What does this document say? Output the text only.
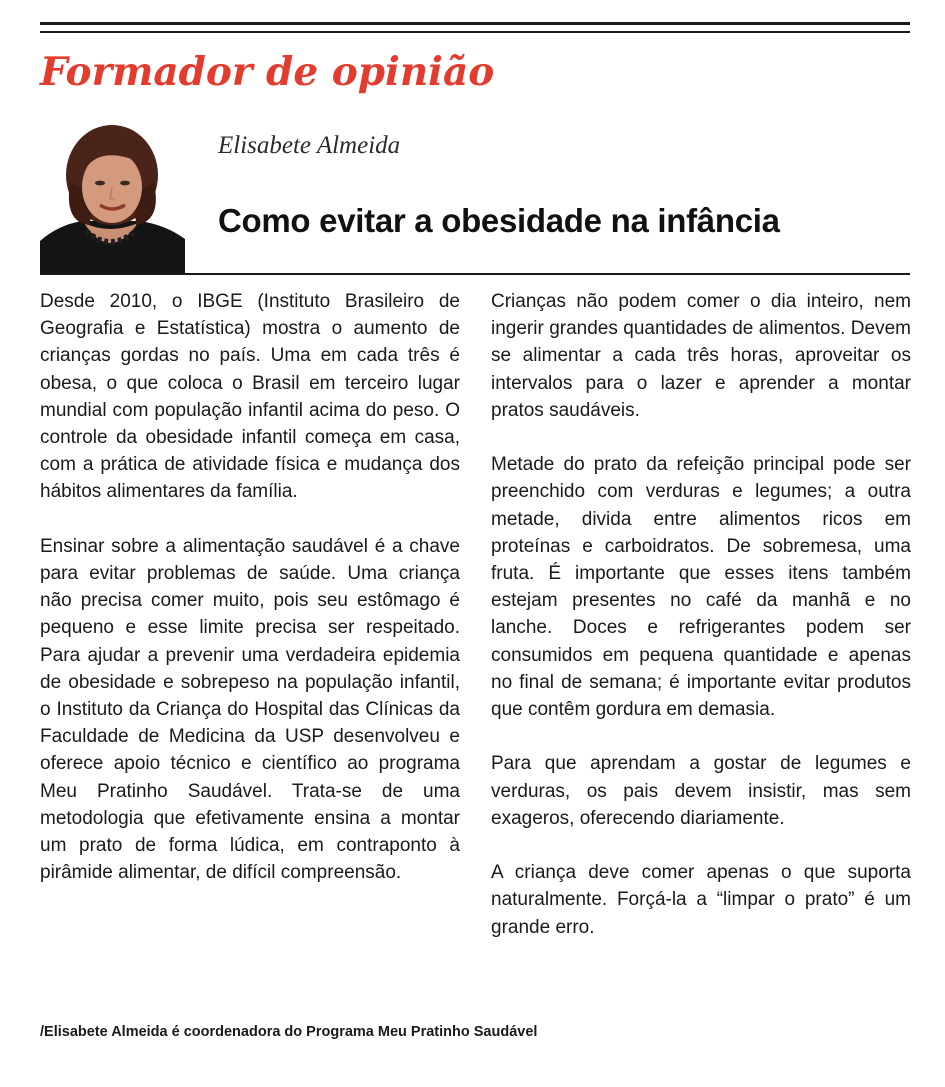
Formador de opinião
Elisabete Almeida
Como evitar a obesidade na infância

Desde 2010, o IBGE (Instituto Brasileiro de Geografia e Estatística) mostra o aumento de crianças gordas no país. Uma em cada três é obesa, o que coloca o Brasil em terceiro lugar mundial com população infantil acima do peso. O controle da obesidade infantil começa em casa, com a prática de atividade física e mudança dos hábitos alimentares da família.

Ensinar sobre a alimentação saudável é a chave para evitar problemas de saúde. Uma criança não precisa comer muito, pois seu estômago é pequeno e esse limite precisa ser respeitado. Para ajudar a prevenir uma verdadeira epidemia de obesidade e sobrepeso na população infantil, o Instituto da Criança do Hospital das Clínicas da Faculdade de Medicina da USP desenvolveu e oferece apoio técnico e científico ao programa Meu Pratinho Saudável. Trata-se de uma metodologia que efetivamente ensina a montar um prato de forma lúdica, em contraponto à pirâmide alimentar, de difícil compreensão.

Crianças não podem comer o dia inteiro, nem ingerir grandes quantidades de alimentos. Devem se alimentar a cada três horas, aproveitar os intervalos para o lazer e aprender a montar pratos saudáveis.

Metade do prato da refeição principal pode ser preenchido com verduras e legumes; a outra metade, divida entre alimentos ricos em proteínas e carboidratos. De sobremesa, uma fruta. É importante que esses itens também estejam presentes no café da manhã e no lanche. Doces e refrigerantes podem ser consumidos em pequena quantidade e apenas no final de semana; é importante evitar produtos que contêm gordura em demasia.

Para que aprendam a gostar de legumes e verduras, os pais devem insistir, mas sem exageros, oferecendo diariamente.

A criança deve comer apenas o que suporta naturalmente. Forçá-la a “limpar o prato” é um grande erro.

/Elisabete Almeida é coordenadora do Programa Meu Pratinho Saudável
